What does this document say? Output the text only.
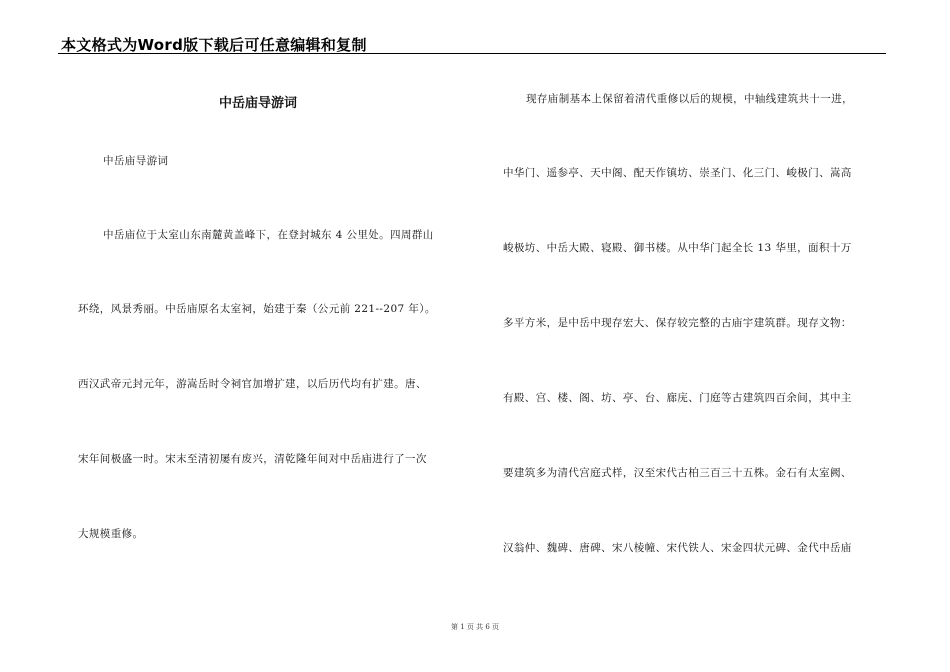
本文格式为Word版下载后可任意编辑和复制
中岳庙导游词
中岳庙导游词
中岳庙位于太室山东南麓黄盖峰下，在登封城东 4 公里处。四周群山
环绕，风景秀丽。中岳庙原名太室祠，始建于秦（公元前 221--207 年）。
西汉武帝元封元年，游嵩岳时令祠官加增扩建，以后历代均有扩建。唐、
宋年间极盛一时。宋末至清初屡有废兴，清乾隆年间对中岳庙进行了一次
大规模重修。
现存庙制基本上保留着清代重修以后的规模，中轴线建筑共十一进，
中华门、遥参亭、天中阁、配天作镇坊、崇圣门、化三门、峻极门、嵩高
峻极坊、中岳大殿、寝殿、御书楼。从中华门起全长 13 华里，面积十万
多平方米，是中岳中现存宏大、保存较完整的古庙宇建筑群。现存文物：
有殿、宫、楼、阁、坊、亭、台、廊庑、门庭等古建筑四百余间，其中主
要建筑多为清代宫庭式样，汉至宋代古柏三百三十五株。金石有太室阙、
汉翁仲、魏碑、唐碑、宋八棱幢、宋代铁人、宋金四状元碑、金代中岳庙
第 1 页 共 6 页
